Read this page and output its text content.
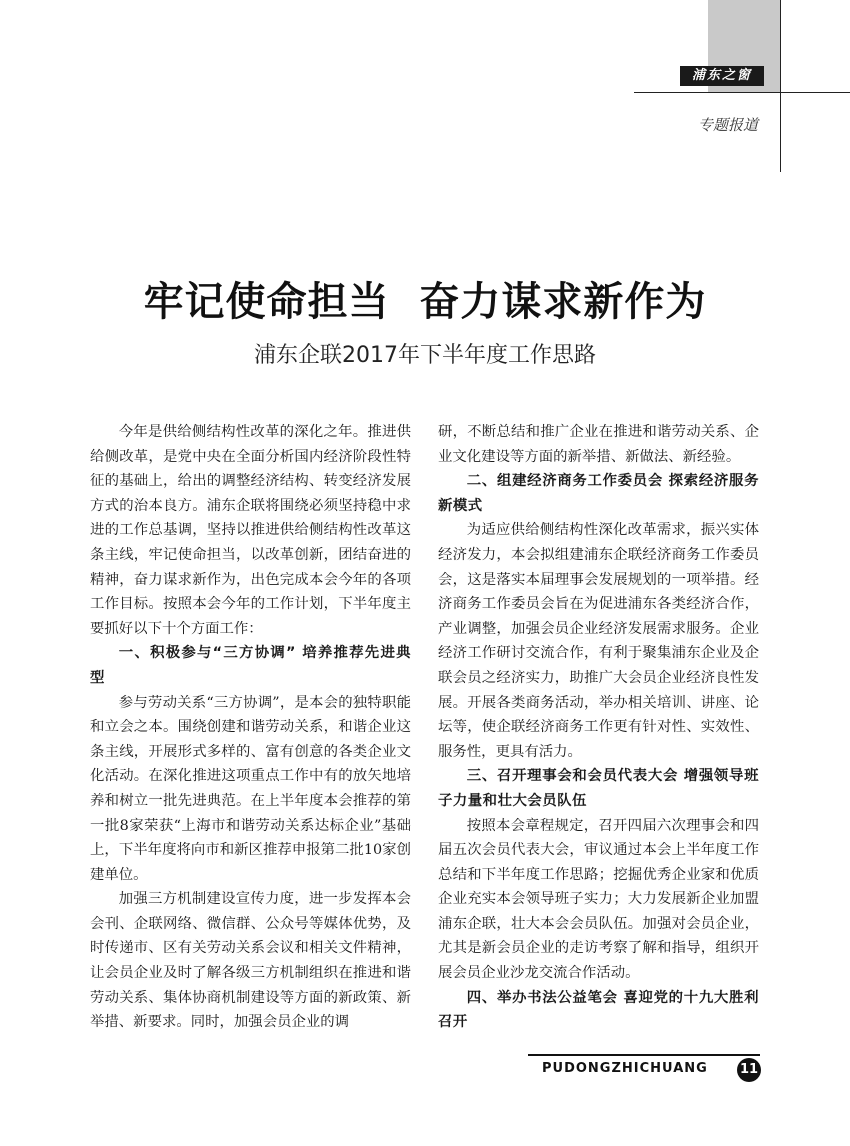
浦东之窗
专题报道
牢记使命担当  奋力谋求新作为
浦东企联2017年下半年度工作思路

今年是供给侧结构性改革的深化之年。推进供给侧改革，是党中央在全面分析国内经济阶段性特征的基础上，给出的调整经济结构、转变经济发展方式的治本良方。浦东企联将围绕必须坚持稳中求进的工作总基调，坚持以推进供给侧结构性改革这条主线，牢记使命担当，以改革创新，团结奋进的精神，奋力谋求新作为，出色完成本会今年的各项工作目标。按照本会今年的工作计划，下半年度主要抓好以下十个方面工作：

一、积极参与“三方协调” 培养推荐先进典型

参与劳动关系“三方协调”，是本会的独特职能和立会之本。围绕创建和谐劳动关系，和谐企业这条主线，开展形式多样的、富有创意的各类企业文化活动。在深化推进这项重点工作中有的放矢地培养和树立一批先进典范。在上半年度本会推荐的第一批8家荣获“上海市和谐劳动关系达标企业”基础上，下半年度将向市和新区推荐申报第二批10家创建单位。

加强三方机制建设宣传力度，进一步发挥本会会刊、企联网络、微信群、公众号等媒体优势，及时传递市、区有关劳动关系会议和相关文件精神，让会员企业及时了解各级三方机制组织在推进和谐劳动关系、集体协商机制建设等方面的新政策、新举措、新要求。同时，加强会员企业的调

研，不断总结和推广企业在推进和谐劳动关系、企业文化建设等方面的新举措、新做法、新经验。

二、组建经济商务工作委员会 探索经济服务新模式

为适应供给侧结构性深化改革需求，振兴实体经济发力，本会拟组建浦东企联经济商务工作委员会，这是落实本届理事会发展规划的一项举措。经济商务工作委员会旨在为促进浦东各类经济合作，产业调整，加强会员企业经济发展需求服务。企业经济工作研讨交流合作，有利于聚集浦东企业及企联会员之经济实力，助推广大会员企业经济良性发展。开展各类商务活动，举办相关培训、讲座、论坛等，使企联经济商务工作更有针对性、实效性、服务性，更具有活力。

三、召开理事会和会员代表大会 增强领导班子力量和壮大会员队伍

按照本会章程规定，召开四届六次理事会和四届五次会员代表大会，审议通过本会上半年度工作总结和下半年度工作思路；挖掘优秀企业家和优质企业充实本会领导班子实力；大力发展新企业加盟浦东企联，壮大本会会员队伍。加强对会员企业，尤其是新会员企业的走访考察了解和指导，组织开展会员企业沙龙交流合作活动。

四、举办书法公益笔会 喜迎党的十九大胜利召开
PUDONGZHICHUANG 11
